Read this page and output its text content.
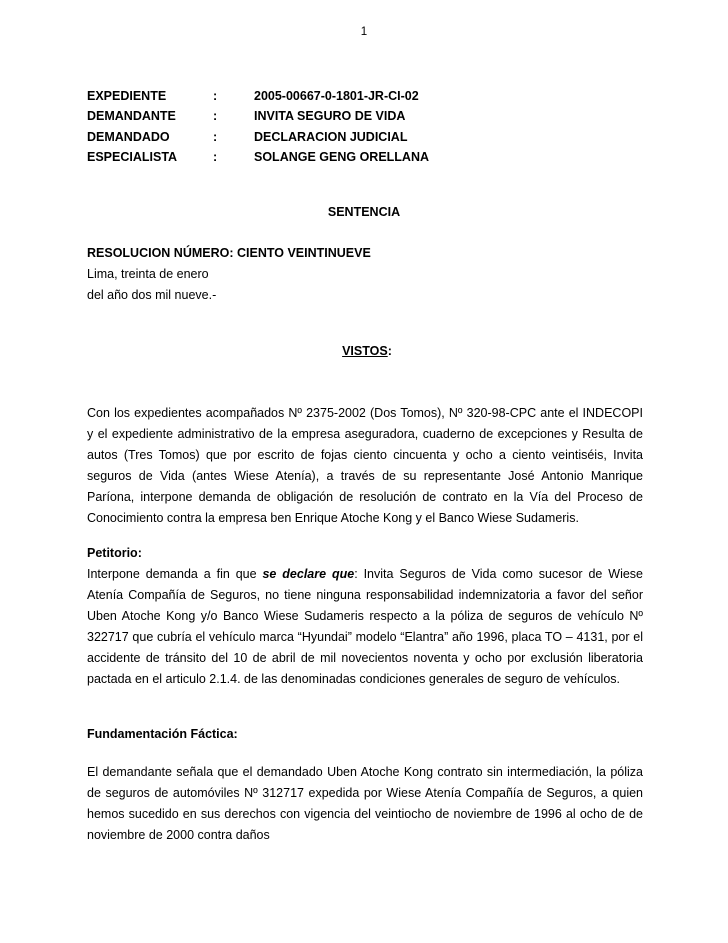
1
EXPEDIENTE	:	2005-00667-0-1801-JR-CI-02
DEMANDANTE	:	INVITA SEGURO DE VIDA
DEMANDADO	:	DECLARACION JUDICIAL
ESPECIALISTA	:	SOLANGE GENG ORELLANA
SENTENCIA
RESOLUCION NÚMERO: CIENTO VEINTINUEVE
Lima, treinta de enero
del año dos mil nueve.-
VISTOS:

Con los expedientes acompañados Nº 2375-2002 (Dos Tomos), Nº 320-98-CPC ante el INDECOPI y el expediente administrativo de la empresa aseguradora, cuaderno de excepciones y Resulta de autos (Tres Tomos) que por escrito de fojas ciento cincuenta y ocho a ciento veintiséis, Invita seguros de Vida (antes Wiese Atenía), a través de su representante José Antonio Manrique Paríona, interpone demanda de obligación de resolución de contrato en la Vía del Proceso de Conocimiento contra la empresa ben Enrique Atoche Kong y el Banco Wiese Sudameris.

Petitorio:

Interpone demanda a fin que se declare que: Invita Seguros de Vida como sucesor de Wiese Atenía Compañía de Seguros, no tiene ninguna responsabilidad indemnizatoria a favor del señor Uben Atoche Kong y/o Banco Wiese Sudameris respecto a la póliza de seguros de vehículo Nº 322717 que cubría el vehículo marca “Hyundai” modelo “Elantra” año 1996, placa TO – 4131, por el accidente de tránsito del 10 de abril de mil novecientos noventa y ocho por exclusión liberatoria pactada en el articulo 2.1.4. de las denominadas condiciones generales de seguro de vehículos.

Fundamentación Fáctica:

El demandante señala que el demandado Uben Atoche Kong contrato sin intermediación, la póliza de seguros de automóviles Nº 312717 expedida por Wiese Atenía Compañía de Seguros, a quien hemos sucedido en sus derechos con vigencia del veintiocho de noviembre de 1996 al ocho de de noviembre de 2000 contra daños
